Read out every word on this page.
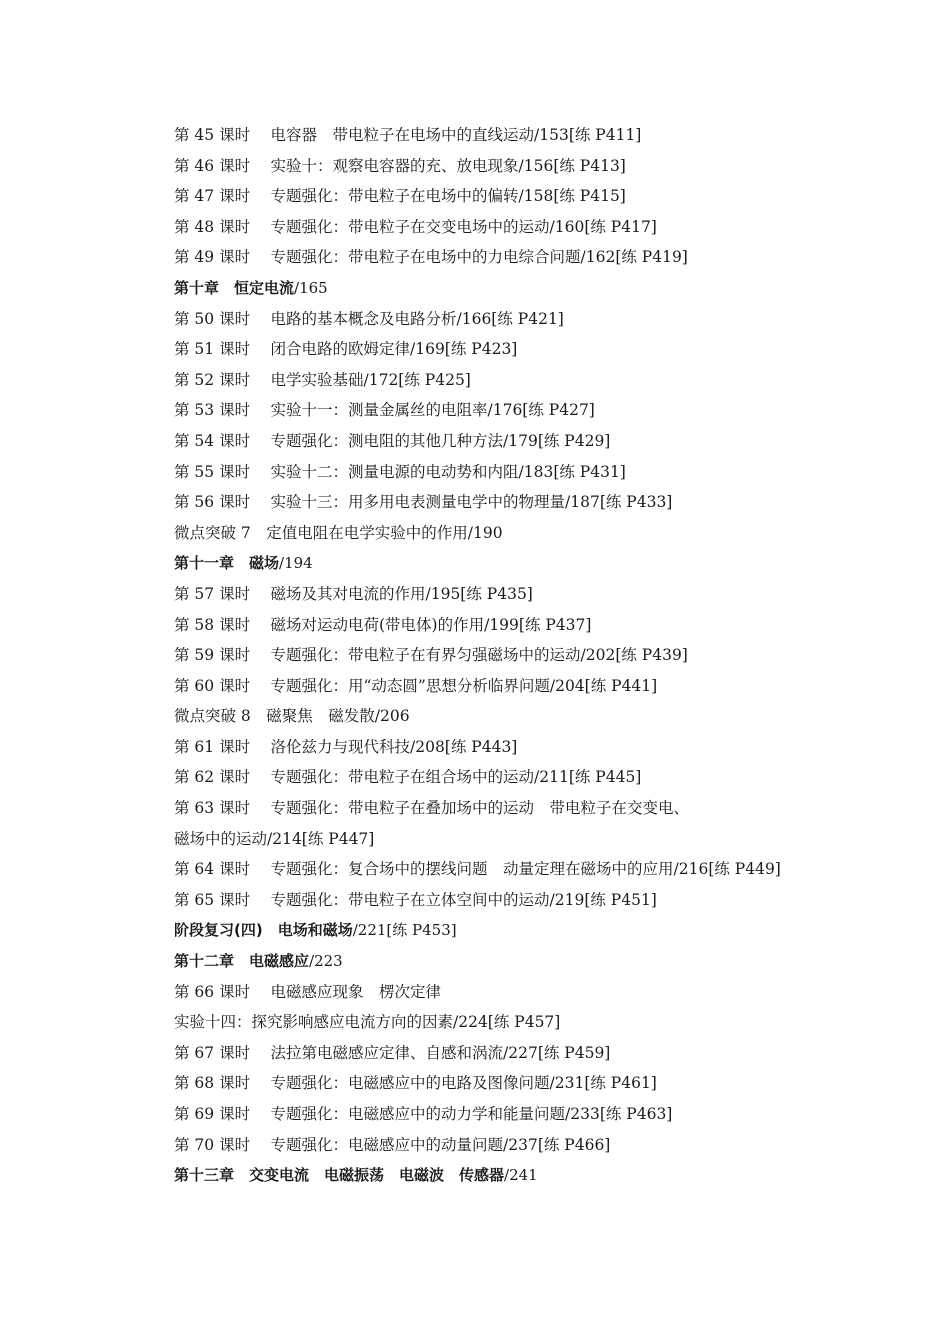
第 45 课时　 电容器　带电粒子在电场中的直线运动/153[练 P411]
第 46 课时　 实验十：观察电容器的充、放电现象/156[练 P413]
第 47 课时　 专题强化：带电粒子在电场中的偏转/158[练 P415]
第 48 课时　 专题强化：带电粒子在交变电场中的运动/160[练 P417]
第 49 课时　 专题强化：带电粒子在电场中的力电综合问题/162[练 P419]
第十章　恒定电流/165
第 50 课时　 电路的基本概念及电路分析/166[练 P421]
第 51 课时　 闭合电路的欧姆定律/169[练 P423]
第 52 课时　 电学实验基础/172[练 P425]
第 53 课时　 实验十一：测量金属丝的电阻率/176[练 P427]
第 54 课时　 专题强化：测电阻的其他几种方法/179[练 P429]
第 55 课时　 实验十二：测量电源的电动势和内阻/183[练 P431]
第 56 课时　 实验十三：用多用电表测量电学中的物理量/187[练 P433]
微点突破 7　定值电阻在电学实验中的作用/190
第十一章　磁场/194
第 57 课时　 磁场及其对电流的作用/195[练 P435]
第 58 课时　 磁场对运动电荷(带电体)的作用/199[练 P437]
第 59 课时　 专题强化：带电粒子在有界匀强磁场中的运动/202[练 P439]
第 60 课时　 专题强化：用“动态圆”思想分析临界问题/204[练 P441]
微点突破 8　磁聚焦　磁发散/206
第 61 课时　 洛伦兹力与现代科技/208[练 P443]
第 62 课时　 专题强化：带电粒子在组合场中的运动/211[练 P445]
第 63 课时　 专题强化：带电粒子在叠加场中的运动　带电粒子在交变电、
磁场中的运动/214[练 P447]
第 64 课时　 专题强化：复合场中的摆线问题　动量定理在磁场中的应用/216[练 P449]
第 65 课时　 专题强化：带电粒子在立体空间中的运动/219[练 P451]
阶段复习(四)　电场和磁场/221[练 P453]
第十二章　电磁感应/223
第 66 课时　 电磁感应现象　楞次定律
实验十四：探究影响感应电流方向的因素/224[练 P457]
第 67 课时　 法拉第电磁感应定律、自感和涡流/227[练 P459]
第 68 课时　 专题强化：电磁感应中的电路及图像问题/231[练 P461]
第 69 课时　 专题强化：电磁感应中的动力学和能量问题/233[练 P463]
第 70 课时　 专题强化：电磁感应中的动量问题/237[练 P466]
第十三章　交变电流　电磁振荡　电磁波　传感器/241
